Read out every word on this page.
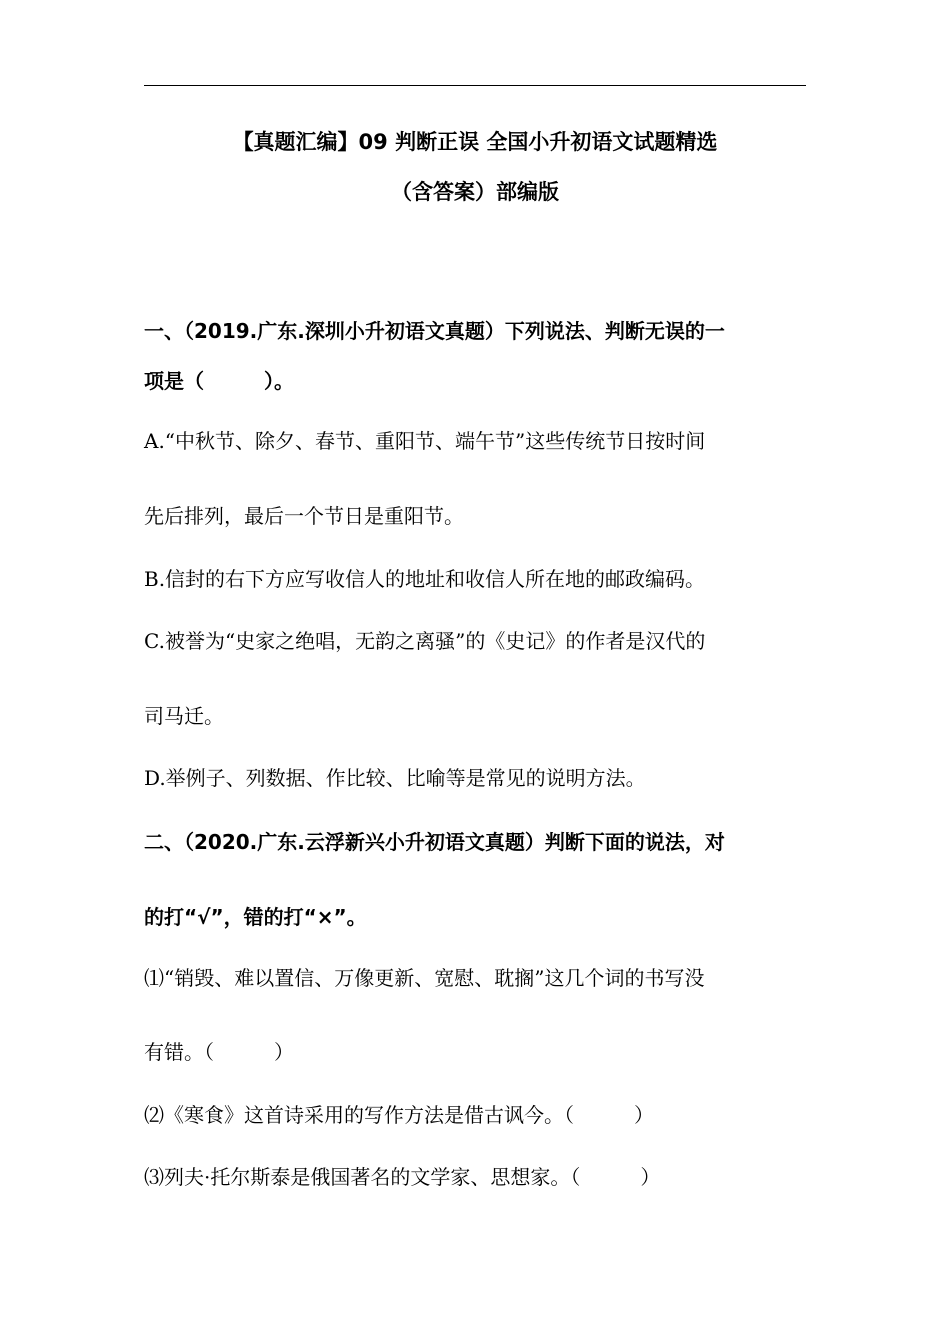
【真题汇编】09 判断正误 全国小升初语文试题精选
（含答案）部编版
一、（2019.广东.深圳小升初语文真题）下列说法、判断无误的一
项是（　　　）。
A.“中秋节、除夕、春节、重阳节、端午节”这些传统节日按时间
先后排列，最后一个节日是重阳节。
B.信封的右下方应写收信人的地址和收信人所在地的邮政编码。
C.被誉为“史家之绝唱，无韵之离骚”的《史记》的作者是汉代的
司马迁。
D.举例子、列数据、作比较、比喻等是常见的说明方法。
二、（2020.广东.云浮新兴小升初语文真题）判断下面的说法，对
的打“√”，错的打“×”。
⑴“销毁、难以置信、万像更新、宽慰、耽搁”这几个词的书写没
有错。（　　　）
⑵《寒食》这首诗采用的写作方法是借古讽今。（　　　）
⑶列夫·托尔斯泰是俄国著名的文学家、思想家。（　　　）
